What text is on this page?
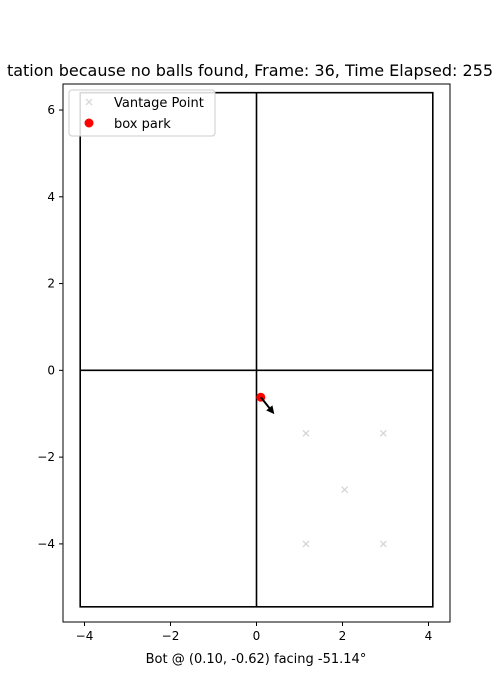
tation because no balls found, Frame: 36, Time Elapsed: 255
−4	−2	0	2	4
−4
−2
0
2
4
6
Bot @ (0.10, -0.62) facing -51.14°
Vantage Point
box park
